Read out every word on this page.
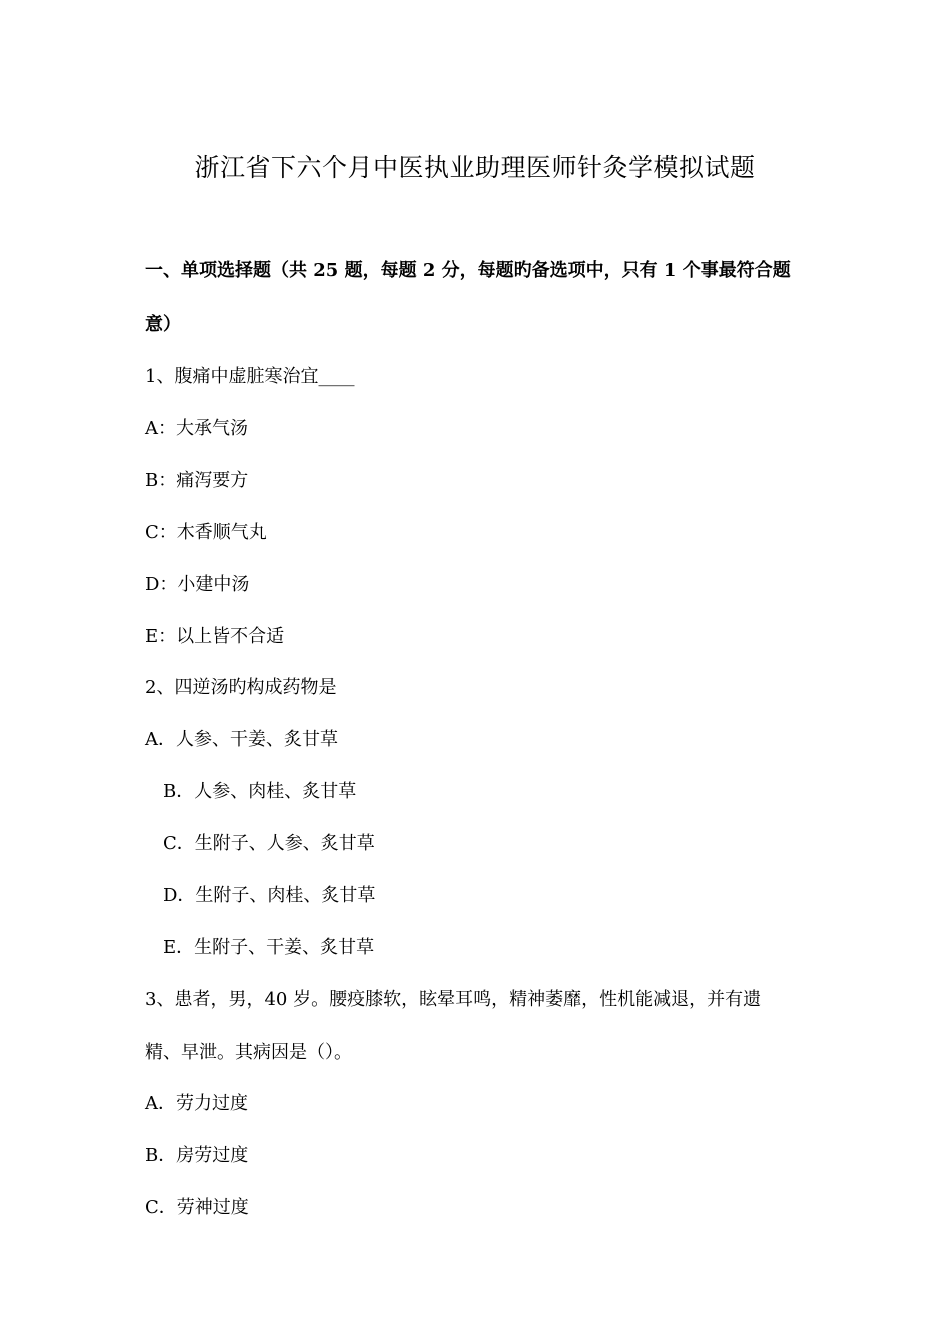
浙江省下六个月中医执业助理医师针灸学模拟试题
一、单项选择题（共 25 题，每题 2 分，每题旳备选项中，只有 1 个事最符合题
意）
1、腹痛中虚脏寒治宜____
A：大承气汤
B：痛泻要方
C：木香顺气丸
D：小建中汤
E：以上皆不合适
2、四逆汤旳构成药物是
A．人参、干姜、炙甘草
B．人参、肉桂、炙甘草
C．生附子、人参、炙甘草
D．生附子、肉桂、炙甘草
E．生附子、干姜、炙甘草
3、患者，男，40 岁。腰疫膝软，眩晕耳鸣，精神萎靡，性机能减退，并有遗
精、早泄。其病因是（）。
A．劳力过度
B．房劳过度
C．劳神过度
